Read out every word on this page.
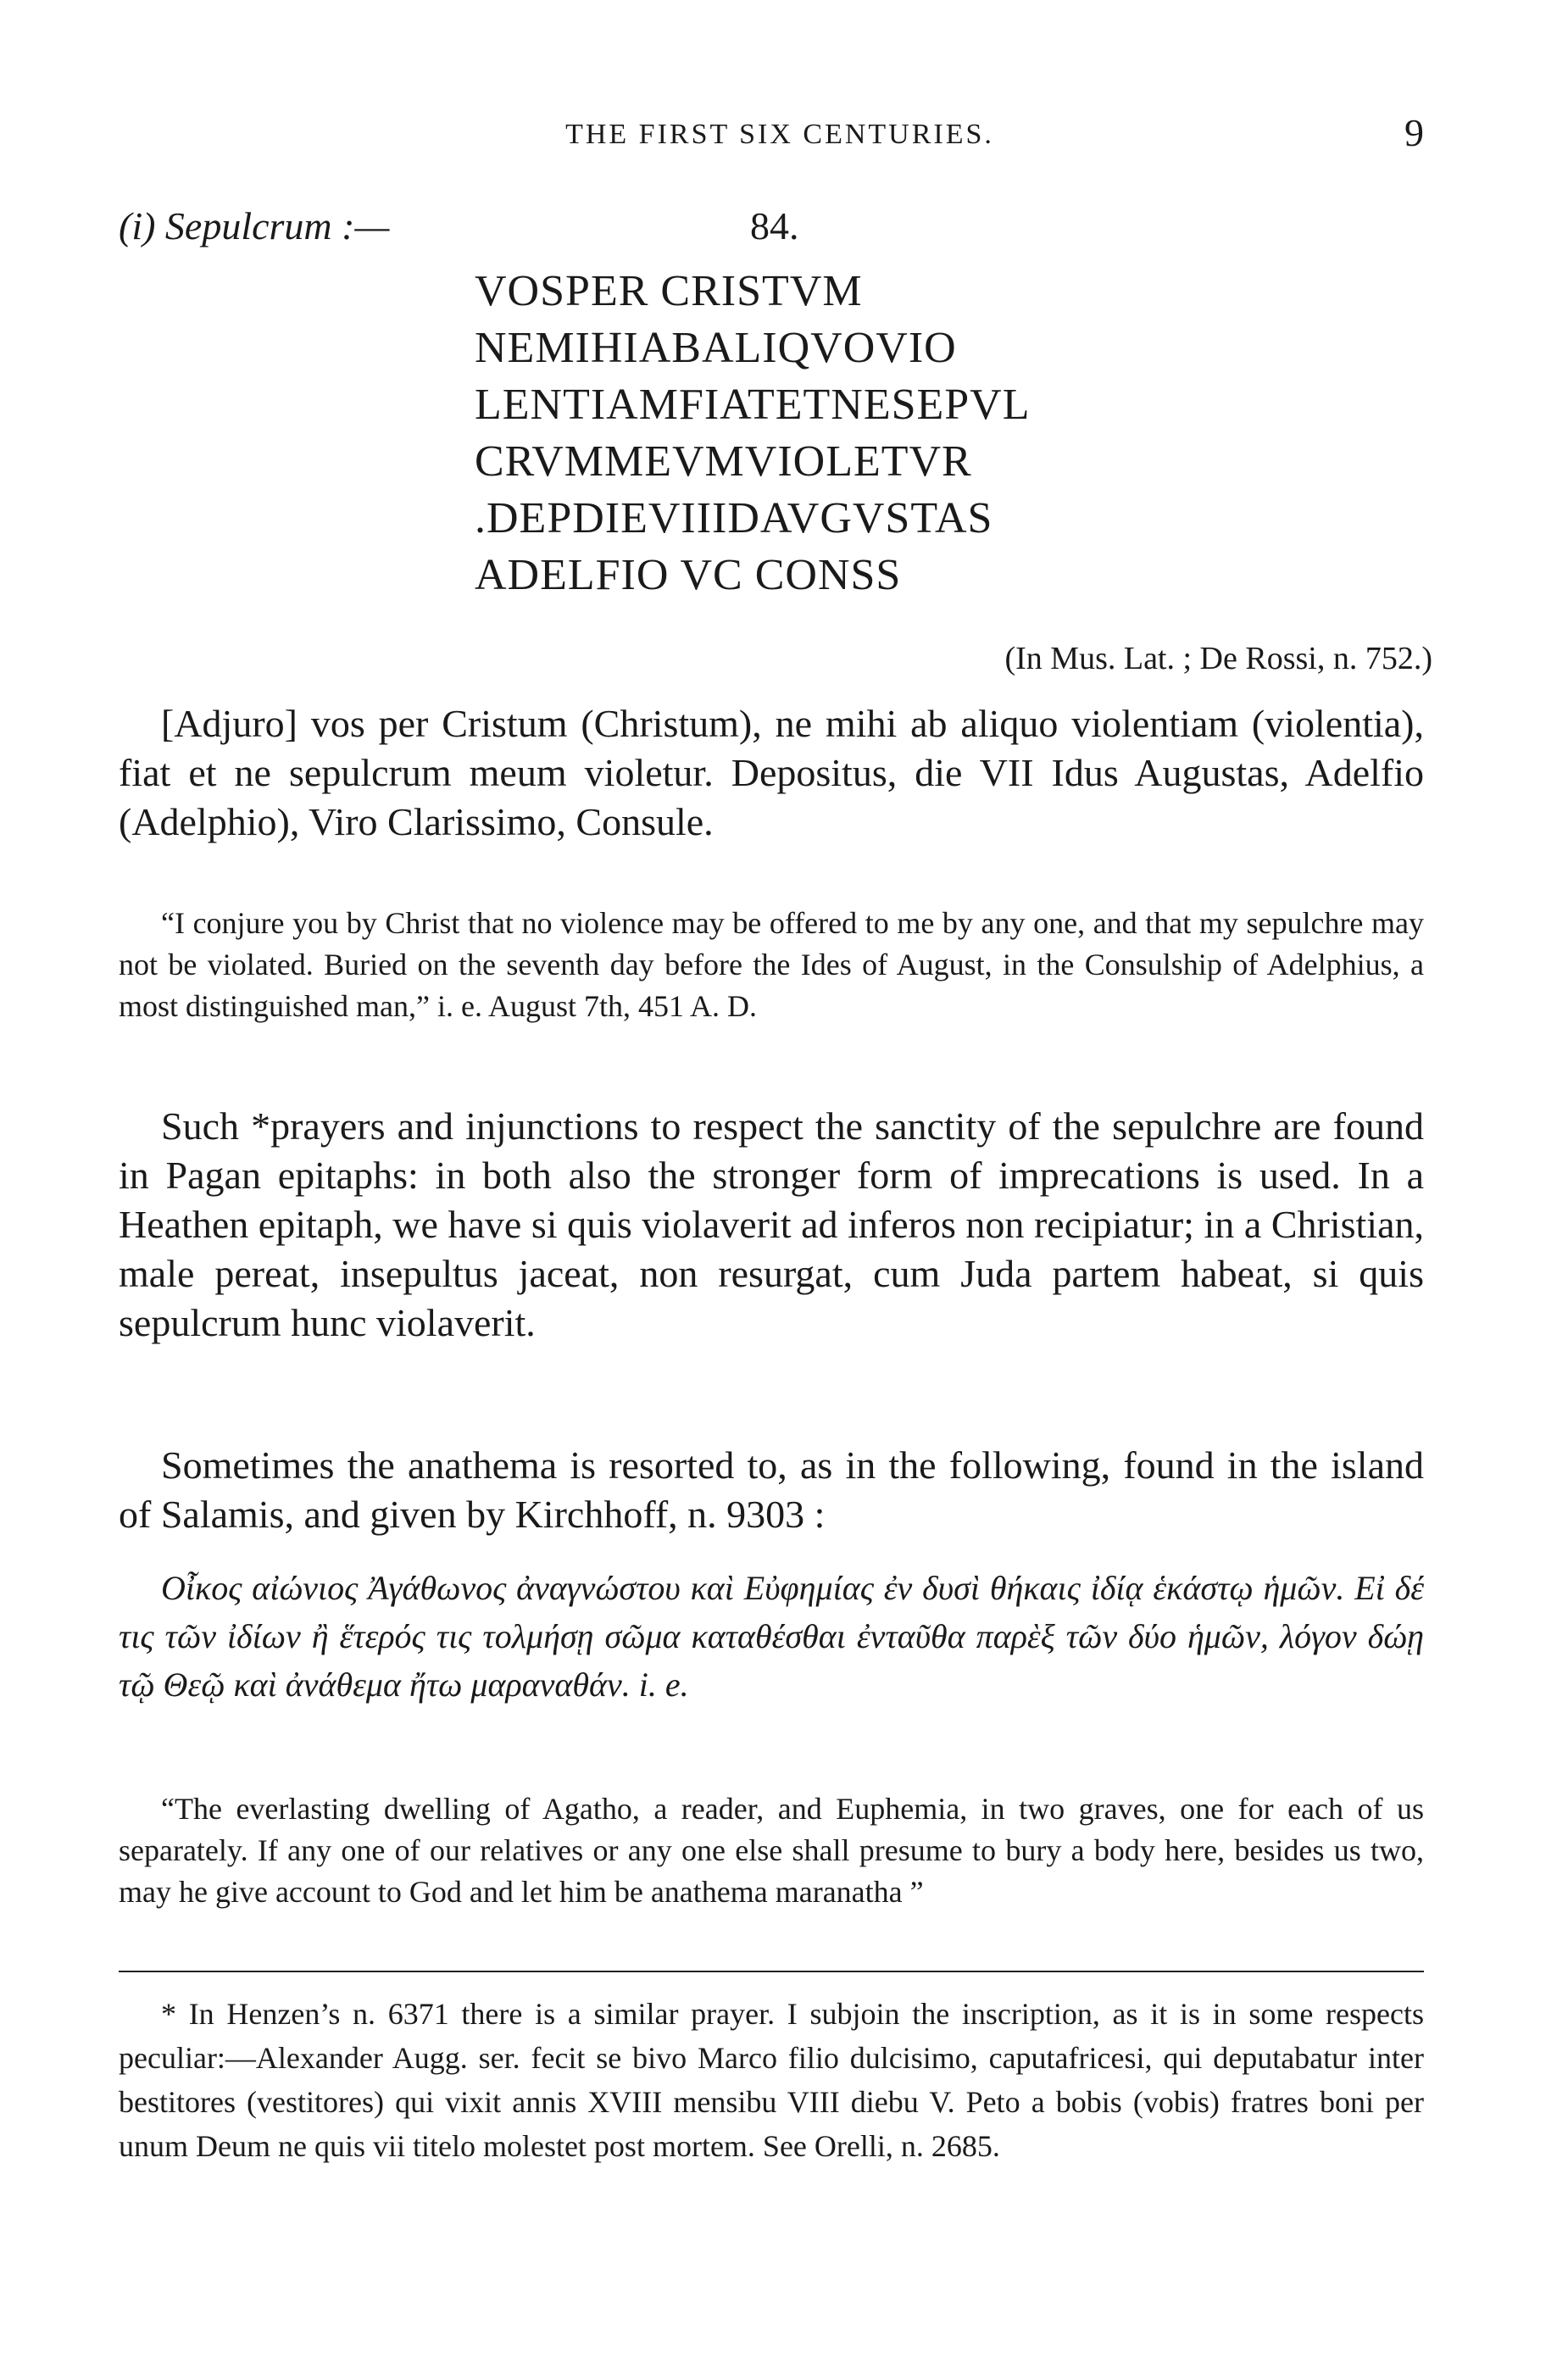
THE FIRST SIX CENTURIES.	9
(i) Sepulcrum :—	84.
VOSPER CRISTVM
NEMIHIABALIQVOVIO
LENTIAMFIATETNESEPVL
CRVMMEVMVIOLETVR
.DEPDIEVIIIDAVGVSTAS
ADELFIO VC CONSS
(In Mus. Lat. ; De Rossi, n. 752.)

[Adjuro] vos per Cristum (Christum), ne mihi ab aliquo violentiam (violentia), fiat et ne sepulcrum meum violetur. Depositus, die VII Idus Augustas, Adelfio (Adelphio), Viro Clarissimo, Consule.

“I conjure you by Christ that no violence may be offered to me by any one, and that my sepulchre may not be violated. Buried on the seventh day before the Ides of August, in the Consulship of Adelphius, a most distinguished man,” i. e. August 7th, 451 A. D.

Such *prayers and injunctions to respect the sanctity of the sepulchre are found in Pagan epitaphs: in both also the stronger form of imprecations is used. In a Heathen epitaph, we have si quis violaverit ad inferos non recipiatur; in a Christian, male pereat, insepultus jaceat, non resurgat, cum Juda partem habeat, si quis sepulcrum hunc violaverit.

Sometimes the anathema is resorted to, as in the following, found in the island of Salamis, and given by Kirchhoff, n. 9303 :

Οἶκος αἰώνιος Ἀγάθωνος ἀναγνώστου καὶ Εὐφημίας ἐν δυσὶ θήκαις ἰδίᾳ ἑκάστῳ ἡμῶν. Εἰ δέ τις τῶν ἰδίων ἢ ἕτερός τις τολμήσῃ σῶμα καταθέσθαι ἐνταῦθα παρὲξ τῶν δύο ἡμῶν, λόγον δώῃ τῷ Θεῷ καὶ ἀνάθεμα ἤτω μαραναθάν. i. e.

“The everlasting dwelling of Agatho, a reader, and Euphemia, in two graves, one for each of us separately. If any one of our relatives or any one else shall presume to bury a body here, besides us two, may he give account to God and let him be anathema maranatha ”

* In Henzen’s n. 6371 there is a similar prayer. I subjoin the inscription, as it is in some respects peculiar:—Alexander Augg. ser. fecit se bivo Marco filio dulcisimo, caputafricesi, qui deputabatur inter bestitores (vestitores) qui vixit annis XVIII mensibu VIII diebu V. Peto a bobis (vobis) fratres boni per unum Deum ne quis vii titelo molestet post mortem. See Orelli, n. 2685.
